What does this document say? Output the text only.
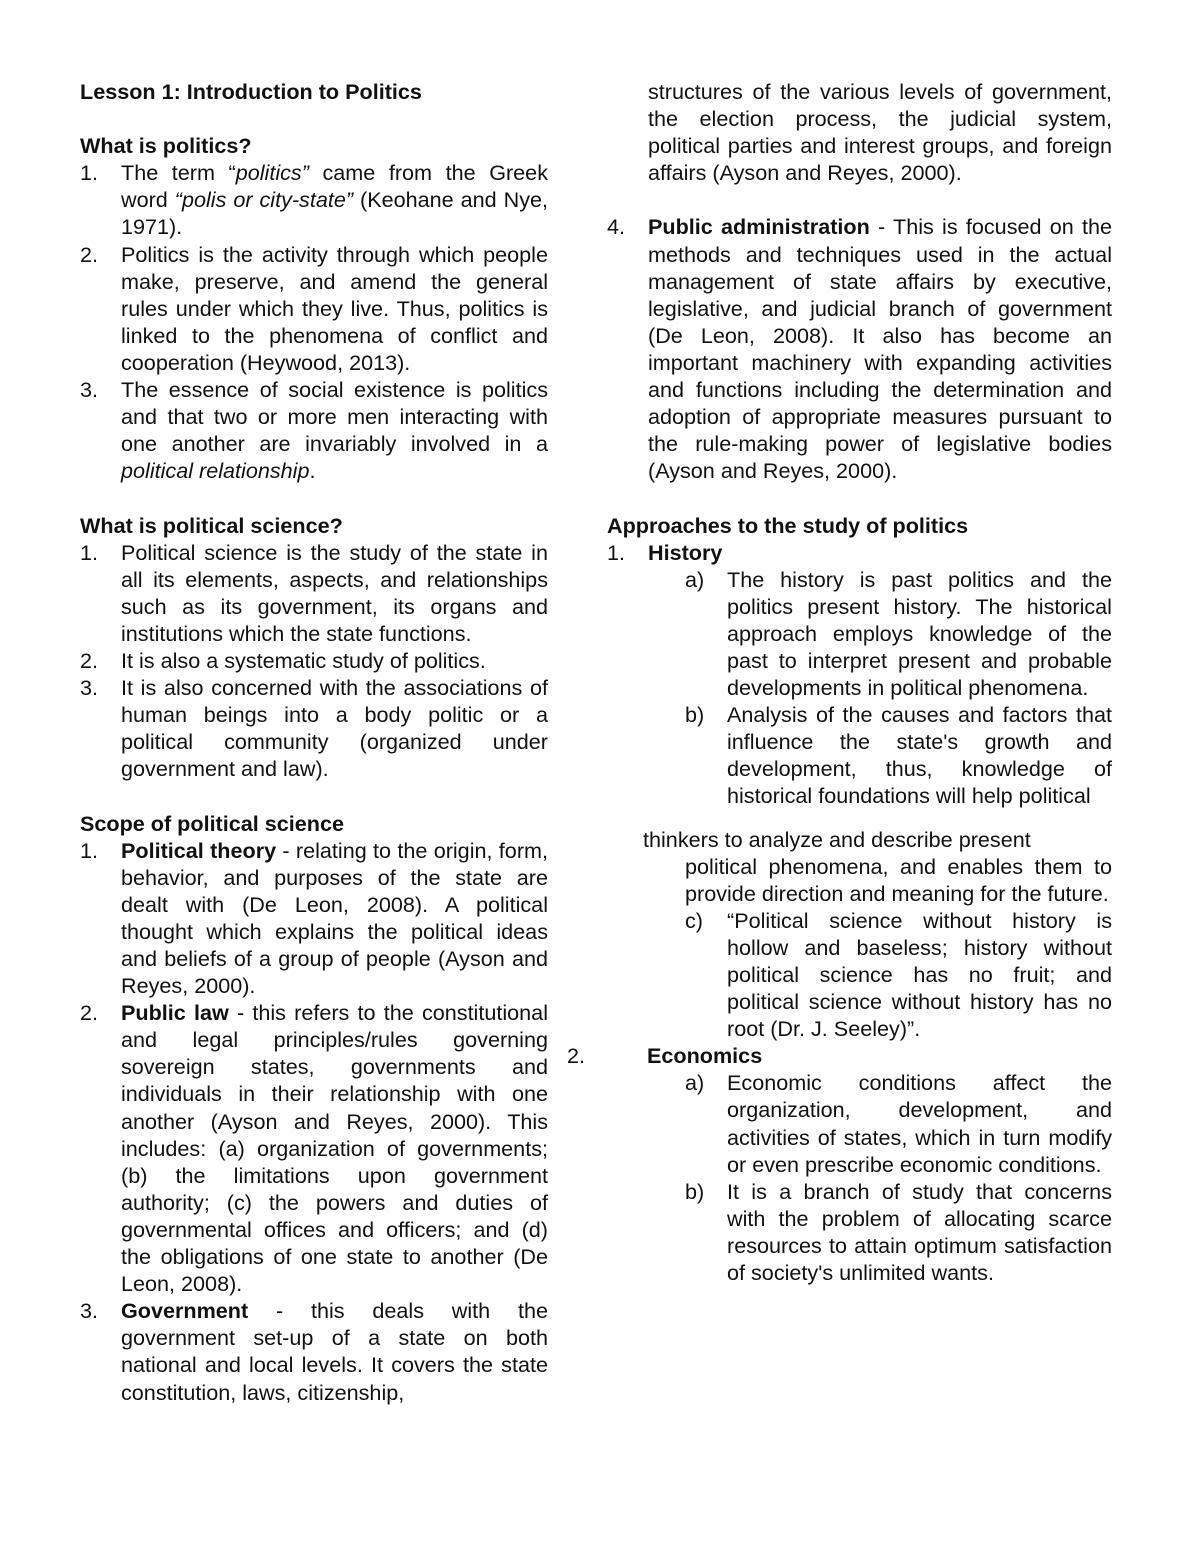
Lesson 1: Introduction to Politics
What is politics?
1. The term “politics” came from the Greek word “polis or city-state” (Keohane and Nye, 1971).
2. Politics is the activity through which people make, preserve, and amend the general rules under which they live. Thus, politics is linked to the phenomena of conflict and cooperation (Heywood, 2013).
3. The essence of social existence is politics and that two or more men interacting with one another are invariably involved in a political relationship.
What is political science?
1. Political science is the study of the state in all its elements, aspects, and relationships such as its government, its organs and institutions which the state functions.
2. It is also a systematic study of politics.
3. It is also concerned with the associations of human beings into a body politic or a political community (organized under government and law).
Scope of political science
1. Political theory - relating to the origin, form, behavior, and purposes of the state are dealt with (De Leon, 2008). A political thought which explains the political ideas and beliefs of a group of people (Ayson and Reyes, 2000).
2. Public law - this refers to the constitutional and legal principles/rules governing sovereign states, governments and individuals in their relationship with one another (Ayson and Reyes, 2000). This includes: (a) organization of governments; (b) the limitations upon government authority; (c) the powers and duties of governmental offices and officers; and (d) the obligations of one state to another (De Leon, 2008).
3. Government - this deals with the government set-up of a state on both national and local levels. It covers the state constitution, laws, citizenship,
structures of the various levels of government, the election process, the judicial system, political parties and interest groups, and foreign affairs (Ayson and Reyes, 2000).
4. Public administration - This is focused on the methods and techniques used in the actual management of state affairs by executive, legislative, and judicial branch of government (De Leon, 2008). It also has become an important machinery with expanding activities and functions including the determination and adoption of appropriate measures pursuant to the rule-making power of legislative bodies (Ayson and Reyes, 2000).
Approaches to the study of politics
1. History
a) The history is past politics and the politics present history. The historical approach employs knowledge of the past to interpret present and probable developments in political phenomena.
b) Analysis of the causes and factors that influence the state's growth and development, thus, knowledge of historical foundations will help political
thinkers to analyze and describe present
political phenomena, and enables them to provide direction and meaning for the future.
c) “Political science without history is hollow and baseless; history without political science has no fruit; and political science without history has no root (Dr. J. Seeley)”.
2.	Economics
a) Economic conditions affect the organization, development, and activities of states, which in turn modify or even prescribe economic conditions.
b) It is a branch of study that concerns with the problem of allocating scarce resources to attain optimum satisfaction of society's unlimited wants.
